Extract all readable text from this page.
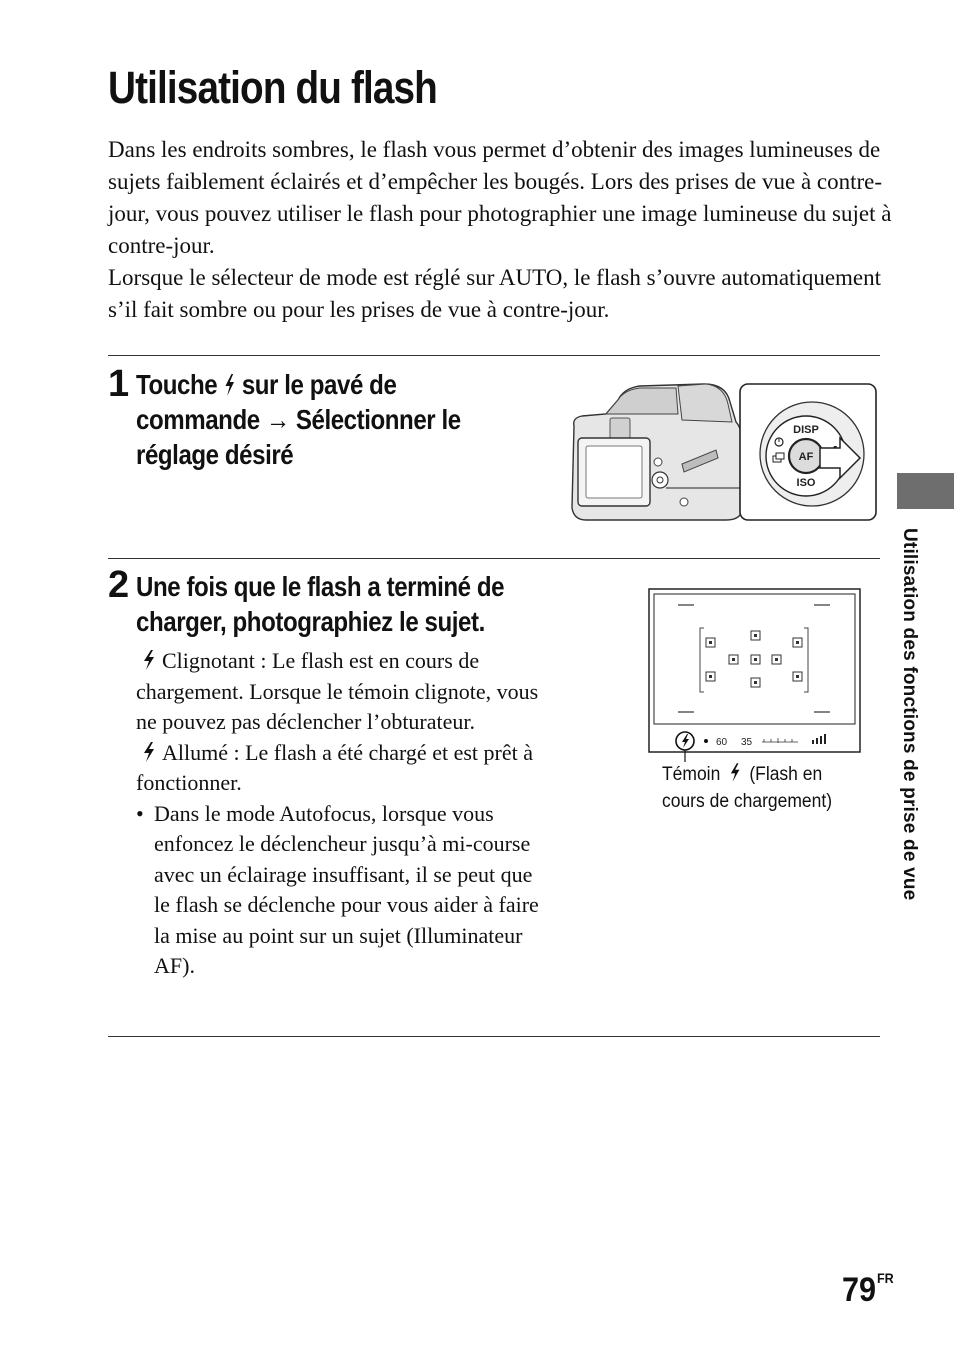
Utilisation du flash

Dans les endroits sombres, le flash vous permet d’obtenir des images lumineuses de sujets faiblement éclairés et d’empêcher les bougés. Lors des prises de vue à contre-jour, vous pouvez utiliser le flash pour photographier une image lumineuse du sujet à contre-jour.

Lorsque le sélecteur de mode est réglé sur AUTO, le flash s’ouvre automatiquement s’il fait sombre ou pour les prises de vue à contre-jour.

1 Touche sur le pavé de
commande → Sélectionner le
réglage désiré
DISP
AF
ISO
2 Une fois que le flash a terminé de
charger, photographiez le sujet.

Clignotant : Le flash est en cours de chargement. Lorsque le témoin clignote, vous ne pouvez pas déclencher l’obturateur.

Allumé : Le flash a été chargé et est prêt à fonctionner.

• Dans le mode Autofocus, lorsque vous enfoncez le déclencheur jusqu’à mi-course avec un éclairage insuffisant, il se peut que le flash se déclenche pour vous aider à faire la mise au point sur un sujet (Illuminateur AF).

60 35
Témoin (Flash en cours de chargement)	Utilisation des fonctions de prise de vue
$79^{FR}$
